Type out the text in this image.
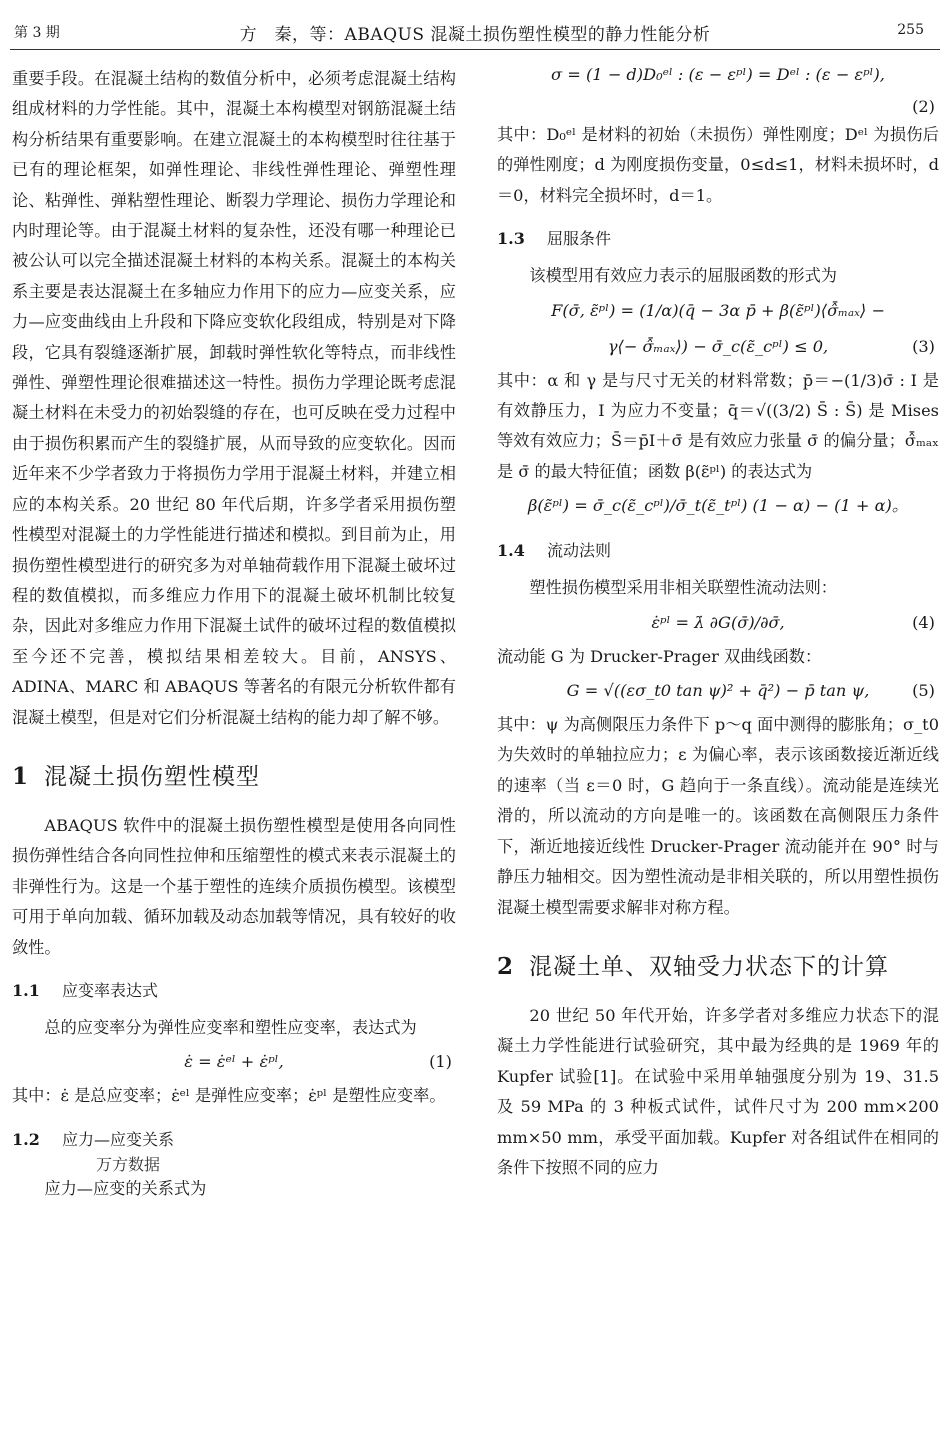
第 3 期	方　秦，等：ABAQUS 混凝土损伤塑性模型的静力性能分析	255

重要手段。在混凝土结构的数值分析中，必须考虑混凝土结构组成材料的力学性能。其中，混凝土本构模型对钢筋混凝土结构分析结果有重要影响。在建立混凝土的本构模型时往往基于已有的理论框架，如弹性理论、非线性弹性理论、弹塑性理论、粘弹性、弹粘塑性理论、断裂力学理论、损伤力学理论和内时理论等。由于混凝土材料的复杂性，还没有哪一种理论已被公认可以完全描述混凝土材料的本构关系。混凝土的本构关系主要是表达混凝土在多轴应力作用下的应力—应变关系，应力—应变曲线由上升段和下降应变软化段组成，特别是对下降段，它具有裂缝逐渐扩展，卸载时弹性软化等特点，而非线性弹性、弹塑性理论很难描述这一特性。损伤力学理论既考虑混凝土材料在未受力的初始裂缝的存在，也可反映在受力过程中由于损伤积累而产生的裂缝扩展，从而导致的应变软化。因而近年来不少学者致力于将损伤力学用于混凝土材料，并建立相应的本构关系。20 世纪 80 年代后期，许多学者采用损伤塑性模型对混凝土的力学性能进行描述和模拟。到目前为止，用损伤塑性模型进行的研究多为对单轴荷载作用下混凝土破坏过程的数值模拟，而多维应力作用下的混凝土破坏机制比较复杂，因此对多维应力作用下混凝土试件的破坏过程的数值模拟至今还不完善，模拟结果相差较大。目前，ANSYS、ADINA、MARC 和 ABAQUS 等著名的有限元分析软件都有混凝土模型，但是对它们分析混凝土结构的能力却了解不够。

1 混凝土损伤塑性模型

ABAQUS 软件中的混凝土损伤塑性模型是使用各向同性损伤弹性结合各向同性拉伸和压缩塑性的模式来表示混凝土的非弹性行为。这是一个基于塑性的连续介质损伤模型。该模型可用于单向加载、循环加载及动态加载等情况，具有较好的收敛性。

1.1 应变率表达式

总的应变率分为弹性应变率和塑性应变率，表达式为

ε̇ = ε̇ᵉˡ + ε̇ᵖˡ,	(1)

其中：ε̇ 是总应变率；ε̇ᵉˡ 是弹性应变率；ε̇ᵖˡ 是塑性应变率。

1.2 应力—应变关系
万方数据

应力—应变的关系式为

σ = (1 − d)D₀ᵉˡ : (ε − εᵖˡ) = Dᵉˡ : (ε − εᵖˡ),
(2)

其中：D₀ᵉˡ 是材料的初始（未损伤）弹性刚度；Dᵉˡ 为损伤后的弹性刚度；d 为刚度损伤变量，0≤d≤1，材料未损坏时，d＝0，材料完全损坏时，d＝1。

1.3 屈服条件

该模型用有效应力表示的屈服函数的形式为

F(σ̄, ε̃ᵖˡ) = (1/α)(q̄ − 3α p̄ + β(ε̃ᵖˡ)⟨σ̂̄ₘₐₓ⟩ −
γ⟨− σ̂̄ₘₐₓ⟩) − σ̄_c(ε̃_cᵖˡ) ≤ 0,	(3)

其中：α 和 γ 是与尺寸无关的材料常数；p̄＝−(1/3)σ̄ : I 是有效静压力，I 为应力不变量；q̄＝√((3/2) S̄ : S̄) 是 Mises 等效有效应力；S̄＝p̄I＋σ̄ 是有效应力张量 σ̄ 的偏分量；σ̂̄ₘₐₓ 是 σ̄ 的最大特征值；函数 β(ε̃ᵖˡ) 的表达式为

β(ε̃ᵖˡ) = σ̄_c(ε̃_cᵖˡ)/σ̄_t(ε̃_tᵖˡ) (1 − α) − (1 + α)。
1.4 流动法则

塑性损伤模型采用非相关联塑性流动法则：

ε̇ᵖˡ = λ̇ ∂G(σ̄)/∂σ̄,	(4)

流动能 G 为 Drucker-Prager 双曲线函数：

G = √((εσ_t0 tan ψ)² + q̄²) − p̄ tan ψ,	(5)

其中：ψ 为高侧限压力条件下 p～q 面中测得的膨胀角；σ_t0 为失效时的单轴拉应力；ε 为偏心率，表示该函数接近渐近线的速率（当 ε＝0 时，G 趋向于一条直线）。流动能是连续光滑的，所以流动的方向是唯一的。该函数在高侧限压力条件下，渐近地接近线性 Drucker-Prager 流动能并在 90° 时与静压力轴相交。因为塑性流动是非相关联的，所以用塑性损伤混凝土模型需要求解非对称方程。

2 混凝土单、双轴受力状态下的计算

20 世纪 50 年代开始，许多学者对多维应力状态下的混凝土力学性能进行试验研究，其中最为经典的是 1969 年的 Kupfer 试验[1]。在试验中采用单轴强度分别为 19、31.5 及 59 MPa 的 3 种板式试件，试件尺寸为 200 mm×200 mm×50 mm，承受平面加载。Kupfer 对各组试件在相同的条件下按照不同的应力
